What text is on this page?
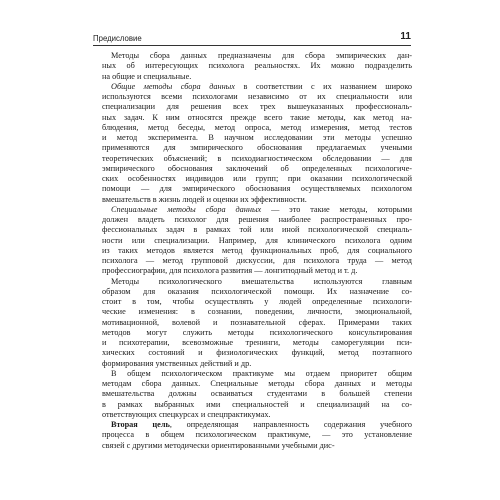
Предисловие	11
Методы сбора данных предназначены для сбора эмпирических дан-
ных об интересующих психолога реальностях. Их можно подразделить
на общие и специальные.
Общие методы сбора данных в соответствии с их названием широко
используются всеми психологами независимо от их специальности или
специализации для решения всех трех вышеуказанных профессиональ-
ных задач. К ним относятся прежде всего такие методы, как метод на-
блюдения, метод беседы, метод опроса, метод измерения, метод тестов
и метод эксперимента. В научном исследовании эти методы успешно
применяются для эмпирического обоснования предлагаемых учеными
теоретических объяснений; в психодиагностическом обследовании — для
эмпирического обоснования заключений об определенных психологиче-
ских особенностях индивидов или групп; при оказании психологической
помощи — для эмпирического обоснования осуществляемых психологом
вмешательств в жизнь людей и оценки их эффективности.
Специальные методы сбора данных — это такие методы, которыми
должен владеть психолог для решения наиболее распространенных про-
фессиональных задач в рамках той или иной психологической специаль-
ности или специализации. Например, для клинического психолога одним
из таких методов является метод функциональных проб, для социального
психолога — метод групповой дискуссии, для психолога труда — метод
профессиографии, для психолога развития — лонгитюдный метод и т. д.
Методы психологического вмешательства используются главным
образом для оказания психологической помощи. Их назначение со-
стоит в том, чтобы осуществлять у людей определенные психологи-
ческие изменения: в сознании, поведении, личности, эмоциональной,
мотивационной, волевой и познавательной сферах. Примерами таких
методов могут служить методы психологического консультирования
и психотерапии, всевозможные тренинги, методы саморегуляции пси-
хических состояний и физиологических функций, метод поэтапного
формирования умственных действий и др.
В общем психологическом практикуме мы отдаем приоритет общим
методам сбора данных. Специальные методы сбора данных и методы
вмешательства должны осваиваться студентами в большей степени
в рамках выбранных ими специальностей и специализаций на со-
ответствующих спецкурсах и спецпрактикумах.
Вторая цель, определяющая направленность содержания учебного
процесса в общем психологическом практикуме, — это установление
связей с другими методически ориентированными учебными дис-
